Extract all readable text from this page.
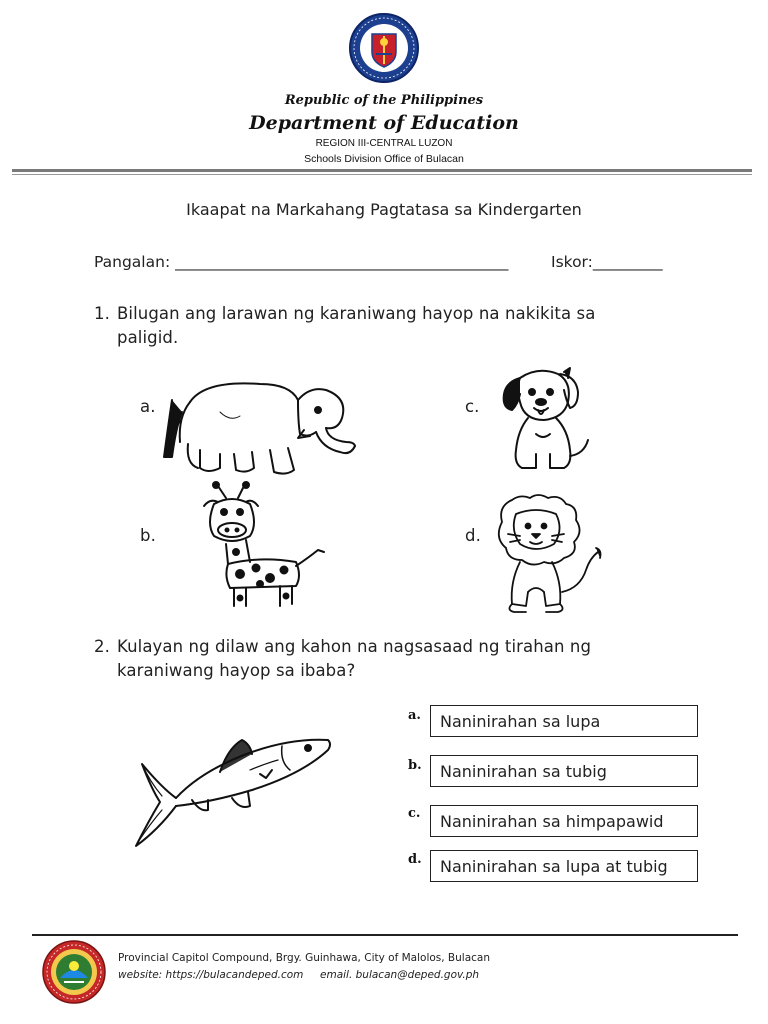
Republic of the Philippines
Department of Education
REGION III-CENTRAL LUZON
Schools Division Office of Bulacan
Ikaapat na Markahang Pagtatasa sa Kindergarten
Pangalan: ___________________________________________	Iskor:_________
1. Bilugan ang larawan ng karaniwang hayop na nakikita sa
paligid.
a.
b.
c.
d.
2. Kulayan ng dilaw ang kahon na nagsasaad ng tirahan ng
karaniwang hayop sa ibaba?
a.	Naninirahan sa lupa
b.	Naninirahan sa tubig
c.	Naninirahan sa himpapawid
d.	Naninirahan sa lupa at tubig
Provincial Capitol Compound, Brgy. Guinhawa, City of Malolos, Bulacan
website: https://bulacandeped.com email. bulacan@deped.gov.ph
